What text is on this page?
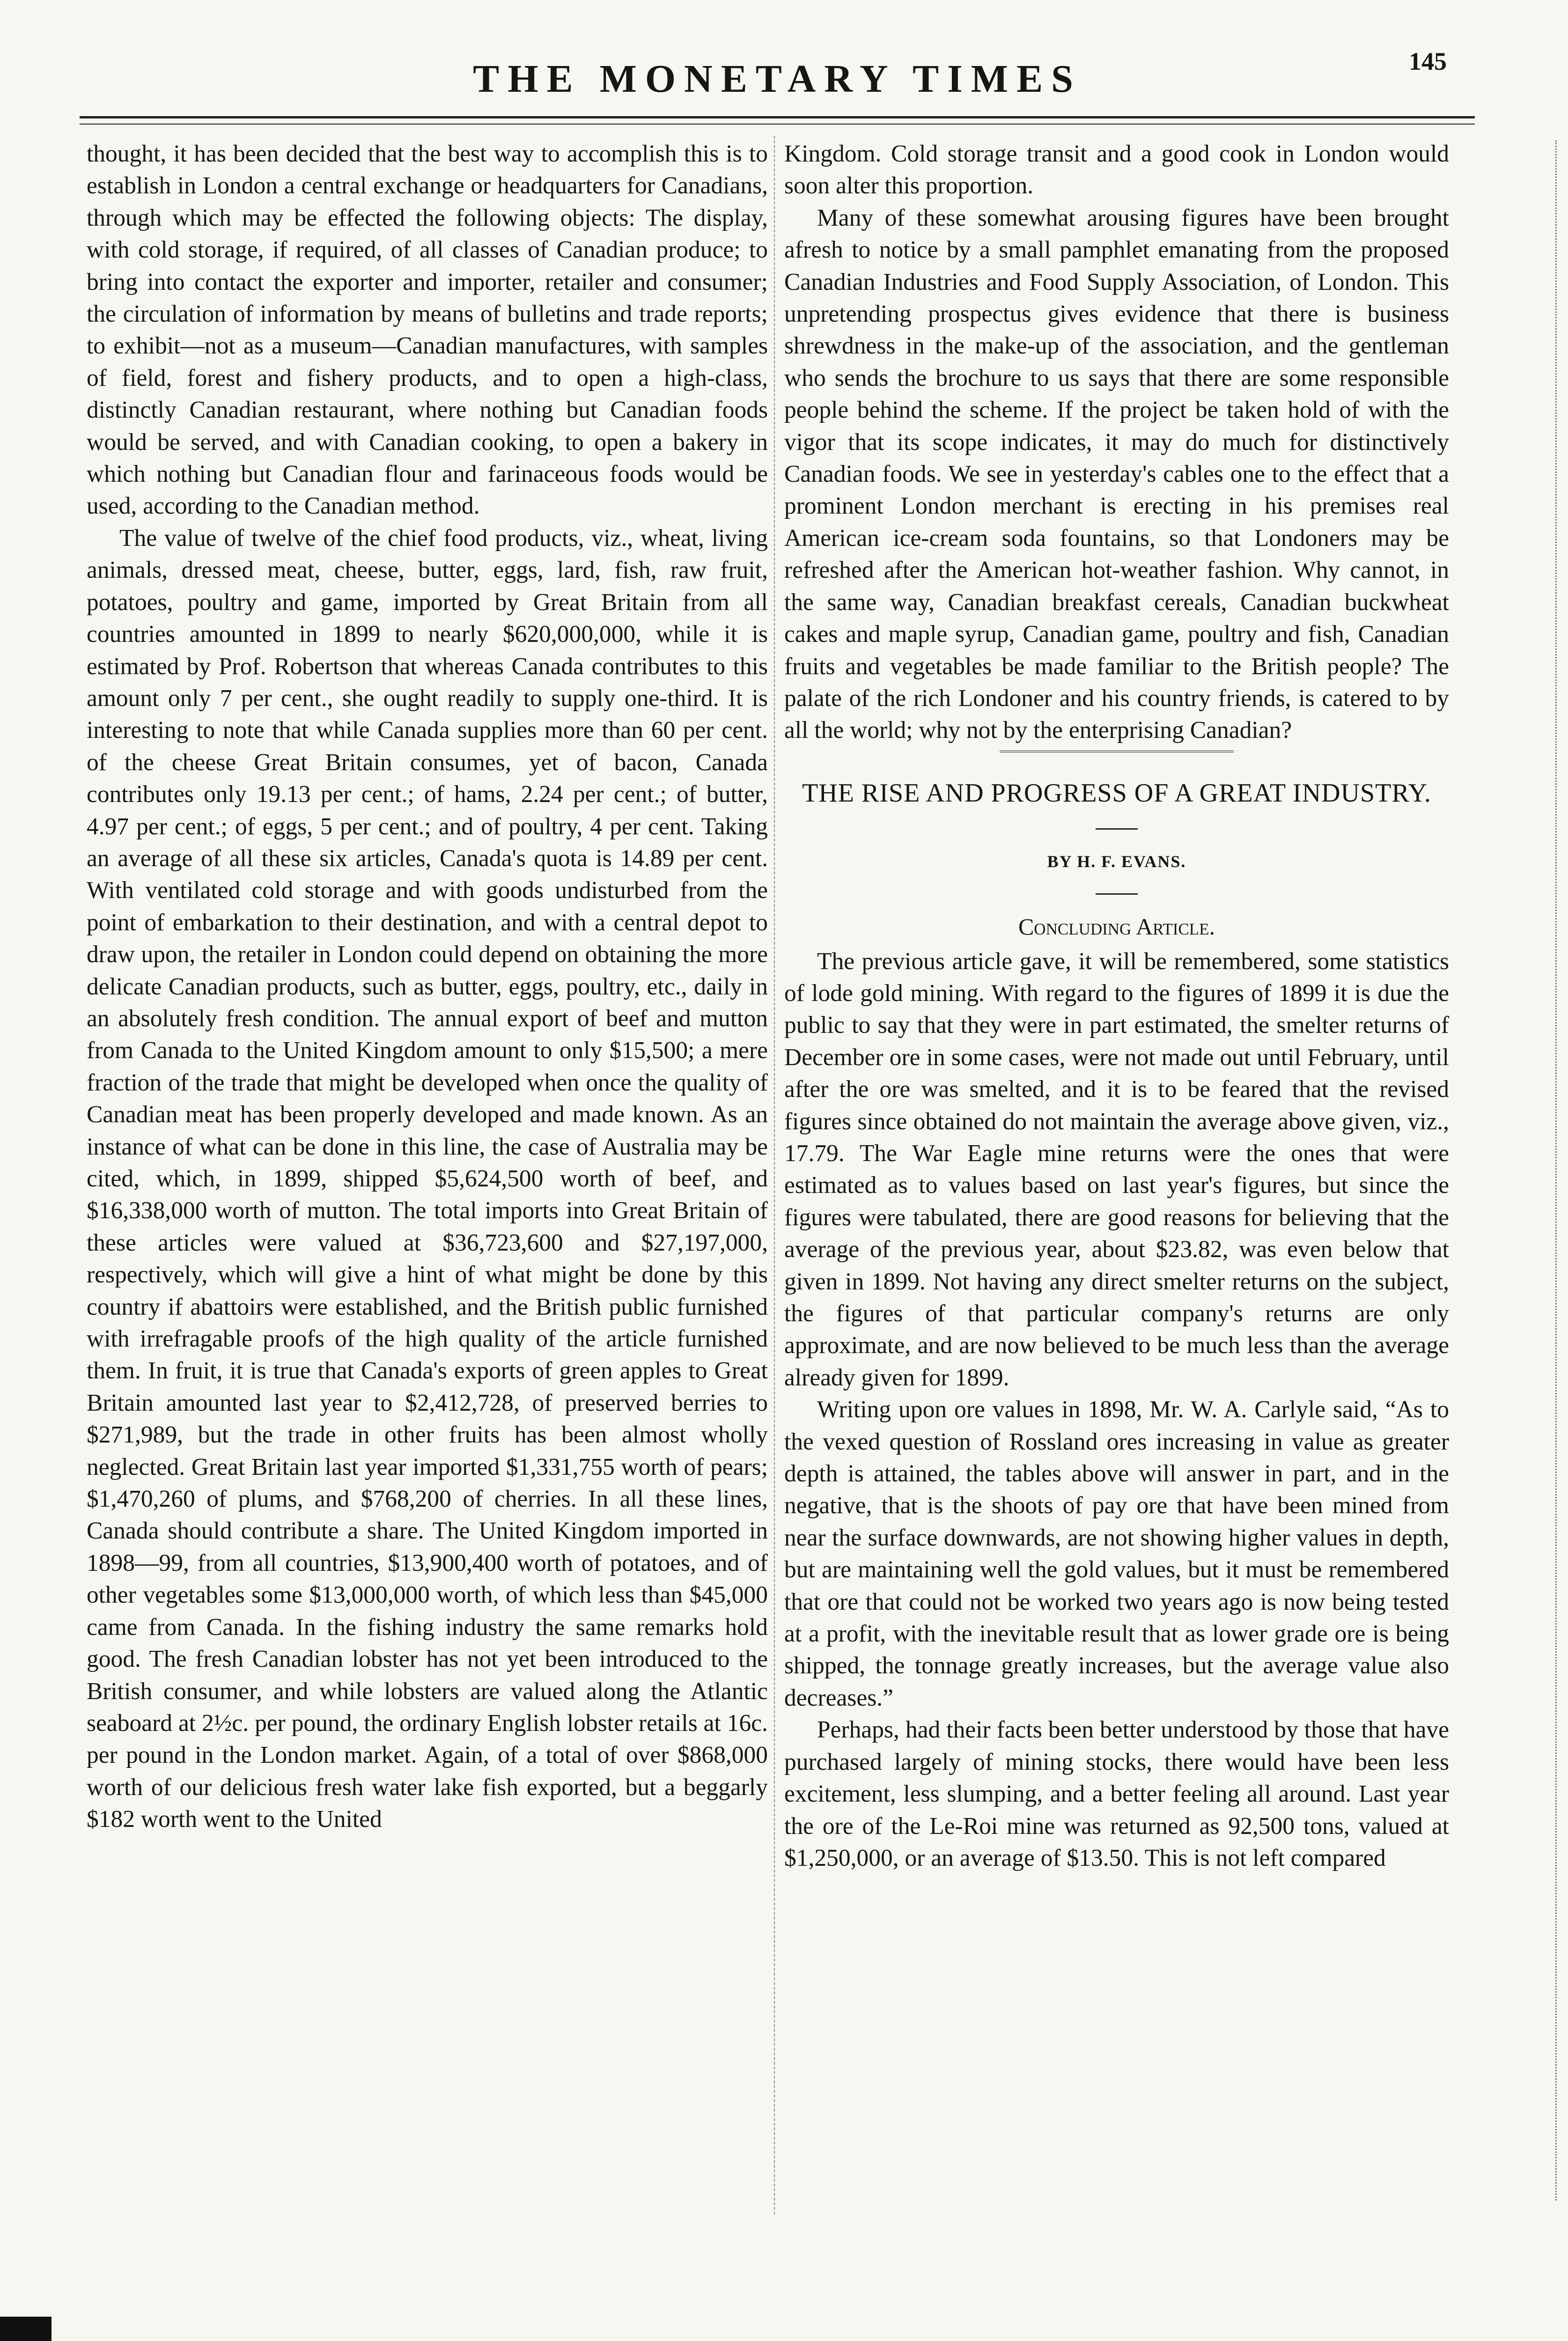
THE MONETARY TIMES	145

thought, it has been decided that the best way to accomplish this is to establish in London a central exchange or headquarters for Canadians, through which may be effected the following objects: The display, with cold storage, if required, of all classes of Canadian produce; to bring into contact the exporter and importer, retailer and consumer; the circulation of information by means of bulletins and trade reports; to exhibit—not as a museum—Canadian manufactures, with samples of field, forest and fishery products, and to open a high-class, distinctly Canadian restaurant, where nothing but Canadian foods would be served, and with Canadian cooking, to open a bakery in which nothing but Canadian flour and farinaceous foods would be used, according to the Canadian method.

The value of twelve of the chief food products, viz., wheat, living animals, dressed meat, cheese, butter, eggs, lard, fish, raw fruit, potatoes, poultry and game, imported by Great Britain from all countries amounted in 1899 to nearly $620,000,000, while it is estimated by Prof. Robertson that whereas Canada contributes to this amount only 7 per cent., she ought readily to supply one-third. It is interesting to note that while Canada supplies more than 60 per cent. of the cheese Great Britain consumes, yet of bacon, Canada contributes only 19.13 per cent.; of hams, 2.24 per cent.; of butter, 4.97 per cent.; of eggs, 5 per cent.; and of poultry, 4 per cent. Taking an average of all these six articles, Canada's quota is 14.89 per cent. With ventilated cold storage and with goods undisturbed from the point of embarkation to their destination, and with a central depot to draw upon, the retailer in London could depend on obtaining the more delicate Canadian products, such as butter, eggs, poultry, etc., daily in an absolutely fresh condition. The annual export of beef and mutton from Canada to the United Kingdom amount to only $15,500; a mere fraction of the trade that might be developed when once the quality of Canadian meat has been properly developed and made known. As an instance of what can be done in this line, the case of Australia may be cited, which, in 1899, shipped $5,624,500 worth of beef, and $16,338,000 worth of mutton. The total imports into Great Britain of these articles were valued at $36,723,600 and $27,197,000, respectively, which will give a hint of what might be done by this country if abattoirs were established, and the British public furnished with irrefragable proofs of the high quality of the article furnished them. In fruit, it is true that Canada's exports of green apples to Great Britain amounted last year to $2,412,728, of preserved berries to $271,989, but the trade in other fruits has been almost wholly neglected. Great Britain last year imported $1,331,755 worth of pears; $1,470,260 of plums, and $768,200 of cherries. In all these lines, Canada should contribute a share. The United Kingdom imported in 1898—99, from all countries, $13,900,400 worth of potatoes, and of other vegetables some $13,000,000 worth, of which less than $45,000 came from Canada. In the fishing industry the same remarks hold good. The fresh Canadian lobster has not yet been introduced to the British consumer, and while lobsters are valued along the Atlantic seaboard at 2½c. per pound, the ordinary English lobster retails at 16c. per pound in the London market. Again, of a total of over $868,000 worth of our delicious fresh water lake fish exported, but a beggarly $182 worth went to the United

Kingdom. Cold storage transit and a good cook in London would soon alter this proportion.

Many of these somewhat arousing figures have been brought afresh to notice by a small pamphlet emanating from the proposed Canadian Industries and Food Supply Association, of London. This unpretending prospectus gives evidence that there is business shrewdness in the make-up of the association, and the gentleman who sends the brochure to us says that there are some responsible people behind the scheme. If the project be taken hold of with the vigor that its scope indicates, it may do much for distinctively Canadian foods. We see in yesterday's cables one to the effect that a prominent London merchant is erecting in his premises real American ice-cream soda fountains, so that Londoners may be refreshed after the American hot-weather fashion. Why cannot, in the same way, Canadian breakfast cereals, Canadian buckwheat cakes and maple syrup, Canadian game, poultry and fish, Canadian fruits and vegetables be made familiar to the British people? The palate of the rich Londoner and his country friends, is catered to by all the world; why not by the enterprising Canadian?

THE RISE AND PROGRESS OF A GREAT INDUSTRY.
BY H. F. EVANS.
Concluding Article.

The previous article gave, it will be remembered, some statistics of lode gold mining. With regard to the figures of 1899 it is due the public to say that they were in part estimated, the smelter returns of December ore in some cases, were not made out until February, until after the ore was smelted, and it is to be feared that the revised figures since obtained do not maintain the average above given, viz., 17.79. The War Eagle mine returns were the ones that were estimated as to values based on last year's figures, but since the figures were tabulated, there are good reasons for believing that the average of the previous year, about $23.82, was even below that given in 1899. Not having any direct smelter returns on the subject, the figures of that particular company's returns are only approximate, and are now believed to be much less than the average already given for 1899.

Writing upon ore values in 1898, Mr. W. A. Carlyle said, “As to the vexed question of Rossland ores increasing in value as greater depth is attained, the tables above will answer in part, and in the negative, that is the shoots of pay ore that have been mined from near the surface downwards, are not showing higher values in depth, but are maintaining well the gold values, but it must be remembered that ore that could not be worked two years ago is now being tested at a profit, with the inevitable result that as lower grade ore is being shipped, the tonnage greatly increases, but the average value also decreases.”

Perhaps, had their facts been better understood by those that have purchased largely of mining stocks, there would have been less excitement, less slumping, and a better feeling all around. Last year the ore of the Le-Roi mine was returned as 92,500 tons, valued at $1,250,000, or an average of $13.50. This is not left compared
